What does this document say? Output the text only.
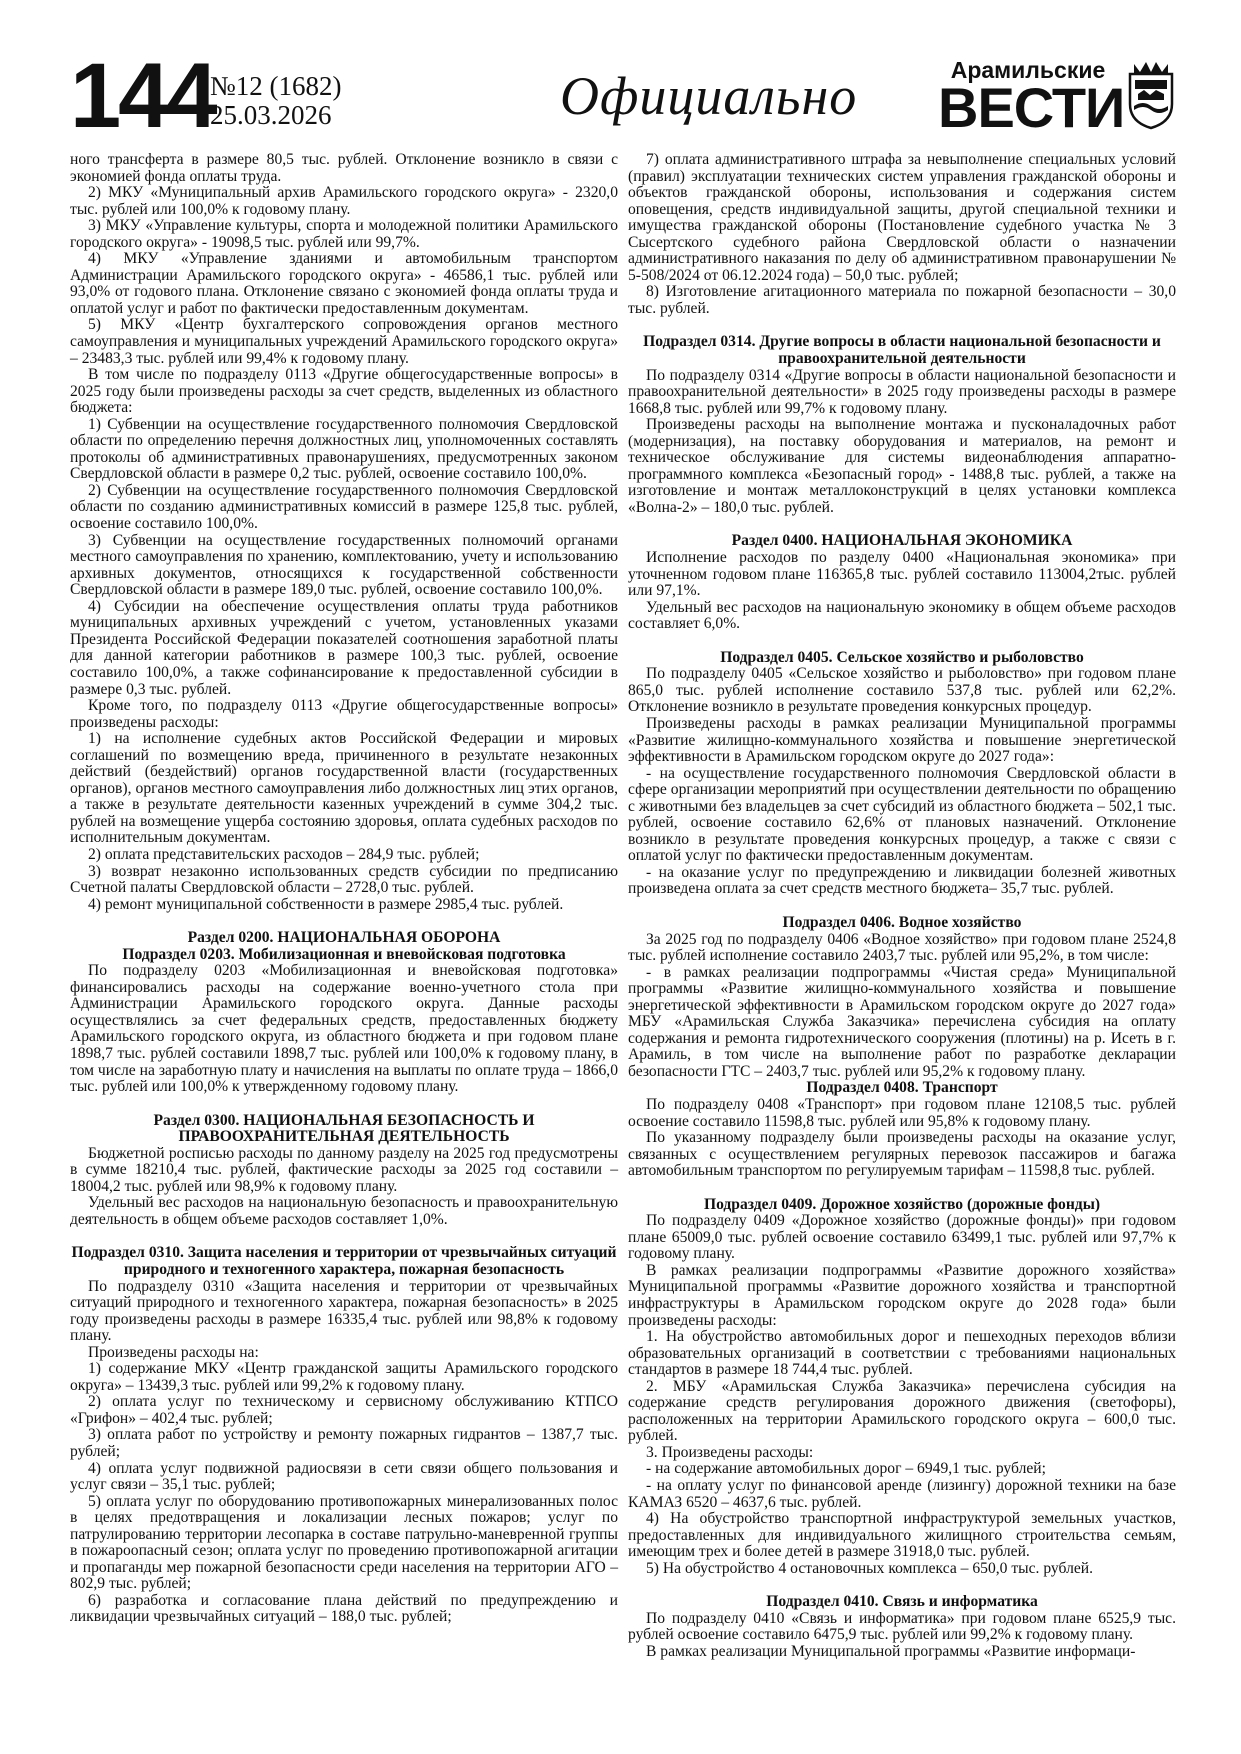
144
№12 (1682)
25.03.2026	Официально	Арамильские
ВЕСТИ

ного трансферта в размере 80,5 тыс. рублей. Отклонение возникло в связи с экономией фонда оплаты труда.

2) МКУ «Муниципальный архив Арамильского городского округа» - 2320,0 тыс. рублей или 100,0% к годовому плану.

3) МКУ «Управление культуры, спорта и молодежной политики Арамильского городского округа» - 19098,5 тыс. рублей или 99,7%.

4) МКУ «Управление зданиями и автомобильным транспортом Администрации Арамильского городского округа» - 46586,1 тыс. рублей или 93,0% от годового плана. Отклонение связано с экономией фонда оплаты труда и оплатой услуг и работ по фактически предоставленным документам.

5) МКУ «Центр бухгалтерского сопровождения органов местного самоуправления и муниципальных учреждений Арамильского городского округа» – 23483,3 тыс. рублей или 99,4% к годовому плану.

В том числе по подразделу 0113 «Другие общегосударственные вопросы» в 2025 году были произведены расходы за счет средств, выделенных из областного бюджета:

1) Субвенции на осуществление государственного полномочия Свердловской области по определению перечня должностных лиц, уполномоченных составлять протоколы об административных правонарушениях, предусмотренных законом Свердловской области в размере 0,2 тыс. рублей, освоение составило 100,0%.

2) Субвенции на осуществление государственного полномочия Свердловской области по созданию административных комиссий в размере 125,8 тыс. рублей, освоение составило 100,0%.

3) Субвенции на осуществление государственных полномочий органами местного самоуправления по хранению, комплектованию, учету и использованию архивных документов, относящихся к государственной собственности Свердловской области в размере 189,0 тыс. рублей, освоение составило 100,0%.

4) Субсидии на обеспечение осуществления оплаты труда работников муниципальных архивных учреждений с учетом, установленных указами Президента Российской Федерации показателей соотношения заработной платы для данной категории работников в размере 100,3 тыс. рублей, освоение составило 100,0%, а также софинансирование к предоставленной субсидии в размере 0,3 тыс. рублей.

Кроме того, по подразделу 0113 «Другие общегосударственные вопросы» произведены расходы:

1) на исполнение судебных актов Российской Федерации и мировых соглашений по возмещению вреда, причиненного в результате незаконных действий (бездействий) органов государственной власти (государственных органов), органов местного самоуправления либо должностных лиц этих органов, а также в результате деятельности казенных учреждений в сумме 304,2 тыс. рублей на возмещение ущерба состоянию здоровья, оплата судебных расходов по исполнительным документам.

2) оплата представительских расходов – 284,9 тыс. рублей;

3) возврат незаконно использованных средств субсидии по предписанию Счетной палаты Свердловской области – 2728,0 тыс. рублей.

4) ремонт муниципальной собственности в размере 2985,4 тыс. рублей.

Раздел 0200. НАЦИОНАЛЬНАЯ ОБОРОНА

Подраздел 0203. Мобилизационная и вневойсковая подготовка

По подразделу 0203 «Мобилизационная и вневойсковая подготовка» финансировались расходы на содержание военно-учетного стола при Администрации Арамильского городского округа. Данные расходы осуществлялись за счет федеральных средств, предоставленных бюджету Арамильского городского округа, из областного бюджета и при годовом плане 1898,7 тыс. рублей составили 1898,7 тыс. рублей или 100,0% к годовому плану, в том числе на заработную плату и начисления на выплаты по оплате труда – 1866,0 тыс. рублей или 100,0% к утвержденному годовому плану.

Раздел 0300. НАЦИОНАЛЬНАЯ БЕЗОПАСНОСТЬ И ПРАВООХРАНИТЕЛЬНАЯ ДЕЯТЕЛЬНОСТЬ

Бюджетной росписью расходы по данному разделу на 2025 год предусмотрены в сумме 18210,4 тыс. рублей, фактические расходы за 2025 год составили – 18004,2 тыс. рублей или 98,9% к годовому плану.

Удельный вес расходов на национальную безопасность и правоохранительную деятельность в общем объеме расходов составляет 1,0%.

Подраздел 0310. Защита населения и территории от чрезвычайных ситуаций природного и техногенного характера, пожарная безопасность

По подразделу 0310 «Защита населения и территории от чрезвычайных ситуаций природного и техногенного характера, пожарная безопасность» в 2025 году произведены расходы в размере 16335,4 тыс. рублей или 98,8% к годовому плану.

Произведены расходы на:

1) содержание МКУ «Центр гражданской защиты Арамильского городского округа» – 13439,3 тыс. рублей или 99,2% к годовому плану.

2) оплата услуг по техническому и сервисному обслуживанию КТПСО «Грифон» – 402,4 тыс. рублей;

3) оплата работ по устройству и ремонту пожарных гидрантов – 1387,7 тыс. рублей;

4) оплата услуг подвижной радиосвязи в сети связи общего пользования и услуг связи – 35,1 тыс. рублей;

5) оплата услуг по оборудованию противопожарных минерализованных полос в целях предотвращения и локализации лесных пожаров; услуг по патрулированию территории лесопарка в составе патрульно-маневренной группы в пожароопасный сезон; оплата услуг по проведению противопожарной агитации и пропаганды мер пожарной безопасности среди населения на территории АГО – 802,9 тыс. рублей;

6) разработка и согласование плана действий по предупреждению и ликвидации чрезвычайных ситуаций – 188,0 тыс. рублей;

7) оплата административного штрафа за невыполнение специальных условий (правил) эксплуатации технических систем управления гражданской обороны и объектов гражданской обороны, использования и содержания систем оповещения, средств индивидуальной защиты, другой специальной техники и имущества гражданской обороны (Постановление судебного участка № 3 Сысертского судебного района Свердловской области о назначении административного наказания по делу об административном правонарушении № 5-508/2024 от 06.12.2024 года) – 50,0 тыс. рублей;

8) Изготовление агитационного материала по пожарной безопасности – 30,0 тыс. рублей.

Подраздел 0314. Другие вопросы в области национальной безопасности и правоохранительной деятельности

По подразделу 0314 «Другие вопросы в области национальной безопасности и правоохранительной деятельности» в 2025 году произведены расходы в размере 1668,8 тыс. рублей или 99,7% к годовому плану.

Произведены расходы на выполнение монтажа и пусконаладочных работ (модернизация), на поставку оборудования и материалов, на ремонт и техническое обслуживание для системы видеонаблюдения аппаратно-программного комплекса «Безопасный город» - 1488,8 тыс. рублей, а также на изготовление и монтаж металлоконструкций в целях установки комплекса «Волна-2» – 180,0 тыс. рублей.

Раздел 0400. НАЦИОНАЛЬНАЯ ЭКОНОМИКА

Исполнение расходов по разделу 0400 «Национальная экономика» при уточненном годовом плане 116365,8 тыс. рублей составило 113004,2тыс. рублей или 97,1%.

Удельный вес расходов на национальную экономику в общем объеме расходов составляет 6,0%.

Подраздел 0405. Сельское хозяйство и рыболовство

По подразделу 0405 «Сельское хозяйство и рыболовство» при годовом плане 865,0 тыс. рублей исполнение составило 537,8 тыс. рублей или 62,2%. Отклонение возникло в результате проведения конкурсных процедур.

Произведены расходы в рамках реализации Муниципальной программы «Развитие жилищно-коммунального хозяйства и повышение энергетической эффективности в Арамильском городском округе до 2027 года»:

- на осуществление государственного полномочия Свердловской области в сфере организации мероприятий при осуществлении деятельности по обращению с животными без владельцев за счет субсидий из областного бюджета – 502,1 тыс. рублей, освоение составило 62,6% от плановых назначений. Отклонение возникло в результате проведения конкурсных процедур, а также с связи с оплатой услуг по фактически предоставленным документам.

- на оказание услуг по предупреждению и ликвидации болезней животных произведена оплата за счет средств местного бюджета– 35,7 тыс. рублей.

Подраздел 0406. Водное хозяйство

За 2025 год по подразделу 0406 «Водное хозяйство» при годовом плане 2524,8 тыс. рублей исполнение составило 2403,7 тыс. рублей или 95,2%, в том числе:

- в рамках реализации подпрограммы «Чистая среда» Муниципальной программы «Развитие жилищно-коммунального хозяйства и повышение энергетической эффективности в Арамильском городском округе до 2027 года» МБУ «Арамильская Служба Заказчика» перечислена субсидия на оплату содержания и ремонта гидротехнического сооружения (плотины) на р. Исеть в г. Арамиль, в том числе на выполнение работ по разработке декларации безопасности ГТС – 2403,7 тыс. рублей или 95,2% к годовому плану.

Подраздел 0408. Транспорт

По подразделу 0408 «Транспорт» при годовом плане 12108,5 тыс. рублей освоение составило 11598,8 тыс. рублей или 95,8% к годовому плану.

По указанному подразделу были произведены расходы на оказание услуг, связанных с осуществлением регулярных перевозок пассажиров и багажа автомобильным транспортом по регулируемым тарифам – 11598,8 тыс. рублей.

Подраздел 0409. Дорожное хозяйство (дорожные фонды)

По подразделу 0409 «Дорожное хозяйство (дорожные фонды)» при годовом плане 65009,0 тыс. рублей освоение составило 63499,1 тыс. рублей или 97,7% к годовому плану.

В рамках реализации подпрограммы «Развитие дорожного хозяйства» Муниципальной программы «Развитие дорожного хозяйства и транспортной инфраструктуры в Арамильском городском округе до 2028 года» были произведены расходы:

1. На обустройство автомобильных дорог и пешеходных переходов вблизи образовательных организаций в соответствии с требованиями национальных стандартов в размере 18 744,4 тыс. рублей.

2. МБУ «Арамильская Служба Заказчика» перечислена субсидия на содержание средств регулирования дорожного движения (светофоры), расположенных на территории Арамильского городского округа – 600,0 тыс. рублей.

3. Произведены расходы:

- на содержание автомобильных дорог – 6949,1 тыс. рублей;

- на оплату услуг по финансовой аренде (лизингу) дорожной техники на базе КАМАЗ 6520 – 4637,6 тыс. рублей.

4) На обустройство транспортной инфраструктурой земельных участков, предоставленных для индивидуального жилищного строительства семьям, имеющим трех и более детей в размере 31918,0 тыс. рублей.

5) На обустройство 4 остановочных комплекса – 650,0 тыс. рублей.

Подраздел 0410. Связь и информатика

По подразделу 0410 «Связь и информатика» при годовом плане 6525,9 тыс. рублей освоение составило 6475,9 тыс. рублей или 99,2% к годовому плану.

В рамках реализации Муниципальной программы «Развитие информаци-
